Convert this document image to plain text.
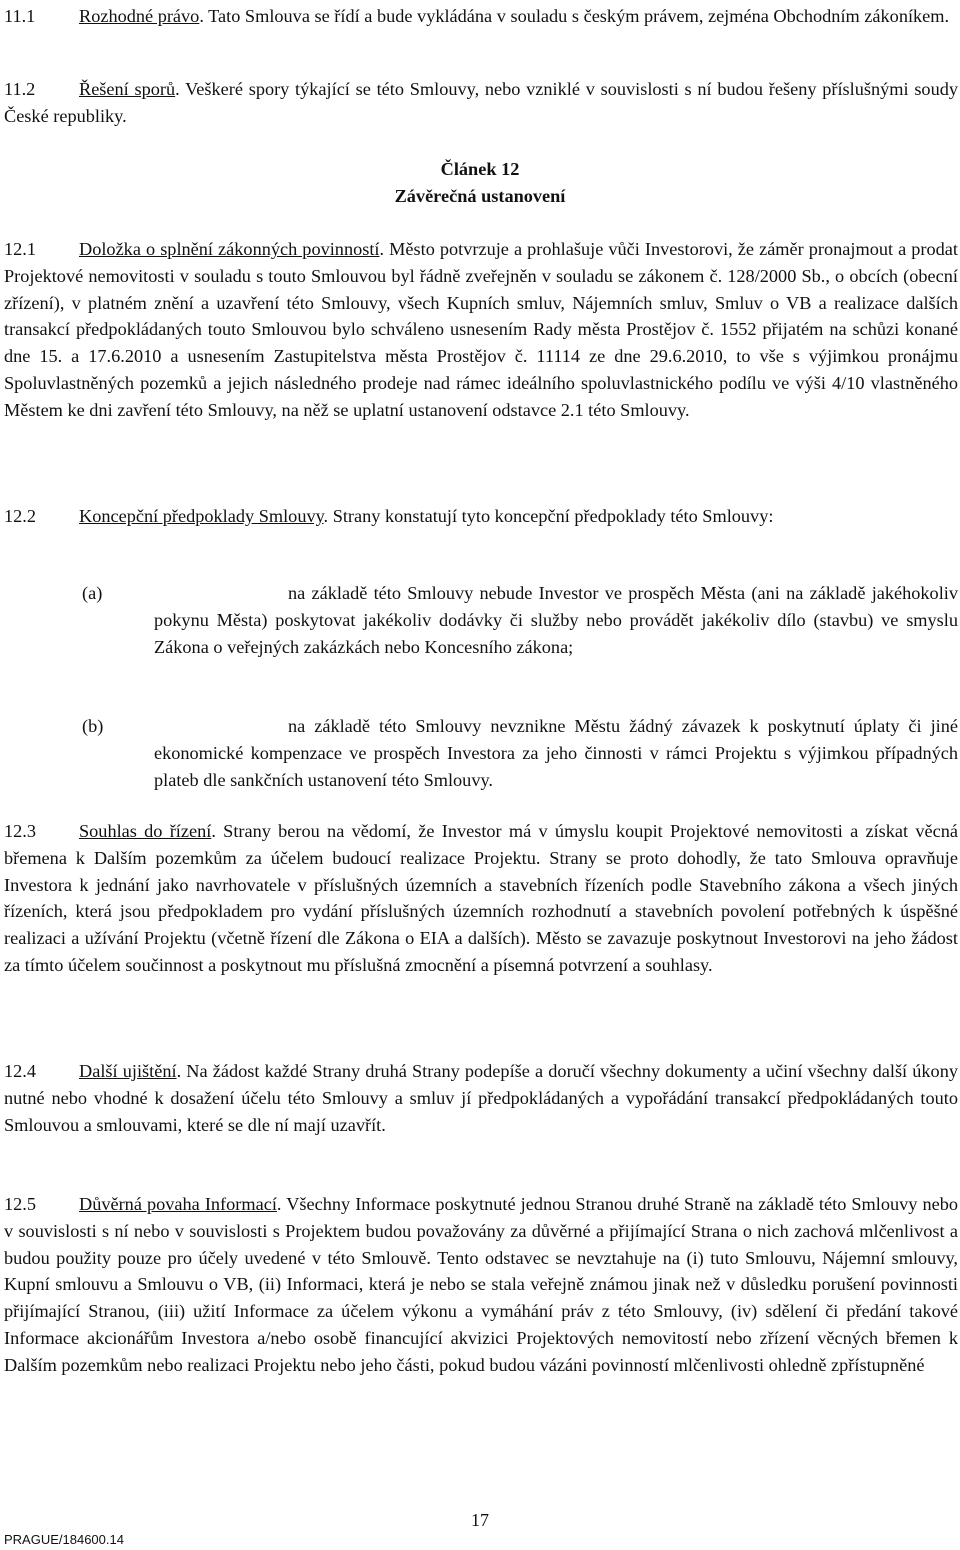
11.1 Rozhodné právo. Tato Smlouva se řídí a bude vykládána v souladu s českým právem, zejména Obchodním zákoníkem.

11.2 Řešení sporů. Veškeré spory týkající se této Smlouvy, nebo vzniklé v souvislosti s ní budou řešeny příslušnými soudy České republiky.

Článek 12

Závěrečná ustanovení

12.1 Doložka o splnění zákonných povinností. Město potvrzuje a prohlašuje vůči Investorovi, že záměr pronajmout a prodat Projektové nemovitosti v souladu s touto Smlouvou byl řádně zveřejněn v souladu se zákonem č. 128/2000 Sb., o obcích (obecní zřízení), v platném znění a uzavření této Smlouvy, všech Kupních smluv, Nájemních smluv, Smluv o VB a realizace dalších transakcí předpokládaných touto Smlouvou bylo schváleno usnesením Rady města Prostějov č. 1552 přijatém na schůzi konané dne 15. a 17.6.2010 a usnesením Zastupitelstva města Prostějov č. 11114 ze dne 29.6.2010, to vše s výjimkou pronájmu Spoluvlastněných pozemků a jejich následného prodeje nad rámec ideálního spoluvlastnického podílu ve výši 4/10 vlastněného Městem ke dni zavření této Smlouvy, na něž se uplatní ustanovení odstavce 2.1 této Smlouvy.

12.2 Koncepční předpoklady Smlouvy. Strany konstatují tyto koncepční předpoklady této Smlouvy:

(a)	na základě této Smlouvy nebude Investor ve prospěch Města (ani na základě jakéhokoliv pokynu Města) poskytovat jakékoliv dodávky či služby nebo provádět jakékoliv dílo (stavbu) ve smyslu Zákona o veřejných zakázkách nebo Koncesního zákona;

(b)	na základě této Smlouvy nevznikne Městu žádný závazek k poskytnutí úplaty či jiné ekonomické kompenzace ve prospěch Investora za jeho činnosti v rámci Projektu s výjimkou případných plateb dle sankčních ustanovení této Smlouvy.

12.3 Souhlas do řízení. Strany berou na vědomí, že Investor má v úmyslu koupit Projektové nemovitosti a získat věcná břemena k Dalším pozemkům za účelem budoucí realizace Projektu. Strany se proto dohodly, že tato Smlouva opravňuje Investora k jednání jako navrhovatele v příslušných územních a stavebních řízeních podle Stavebního zákona a všech jiných řízeních, která jsou předpokladem pro vydání příslušných územních rozhodnutí a stavebních povolení potřebných k úspěšné realizaci a užívání Projektu (včetně řízení dle Zákona o EIA a dalších). Město se zavazuje poskytnout Investorovi na jeho žádost za tímto účelem součinnost a poskytnout mu příslušná zmocnění a písemná potvrzení a souhlasy.

12.4 Další ujištění. Na žádost každé Strany druhá Strany podepíše a doručí všechny dokumenty a učiní všechny další úkony nutné nebo vhodné k dosažení účelu této Smlouvy a smluv jí předpokládaných a vypořádání transakcí předpokládaných touto Smlouvou a smlouvami, které se dle ní mají uzavřít.

12.5 Důvěrná povaha Informací. Všechny Informace poskytnuté jednou Stranou druhé Straně na základě této Smlouvy nebo v souvislosti s ní nebo v souvislosti s Projektem budou považovány za důvěrné a přijímající Strana o nich zachová mlčenlivost a budou použity pouze pro účely uvedené v této Smlouvě. Tento odstavec se nevztahuje na (i) tuto Smlouvu, Nájemní smlouvy, Kupní smlouvu a Smlouvu o VB, (ii) Informaci, která je nebo se stala veřejně známou jinak než v důsledku porušení povinnosti přijímající Stranou, (iii) užití Informace za účelem výkonu a vymáhání práv z této Smlouvy, (iv) sdělení či předání takové Informace akcionářům Investora a/nebo osobě financující akvizici Projektových nemovitostí nebo zřízení věcných břemen k Dalším pozemkům nebo realizaci Projektu nebo jeho části, pokud budou vázáni povinností mlčenlivosti ohledně zpřístupněné

17
PRAGUE/184600.14
